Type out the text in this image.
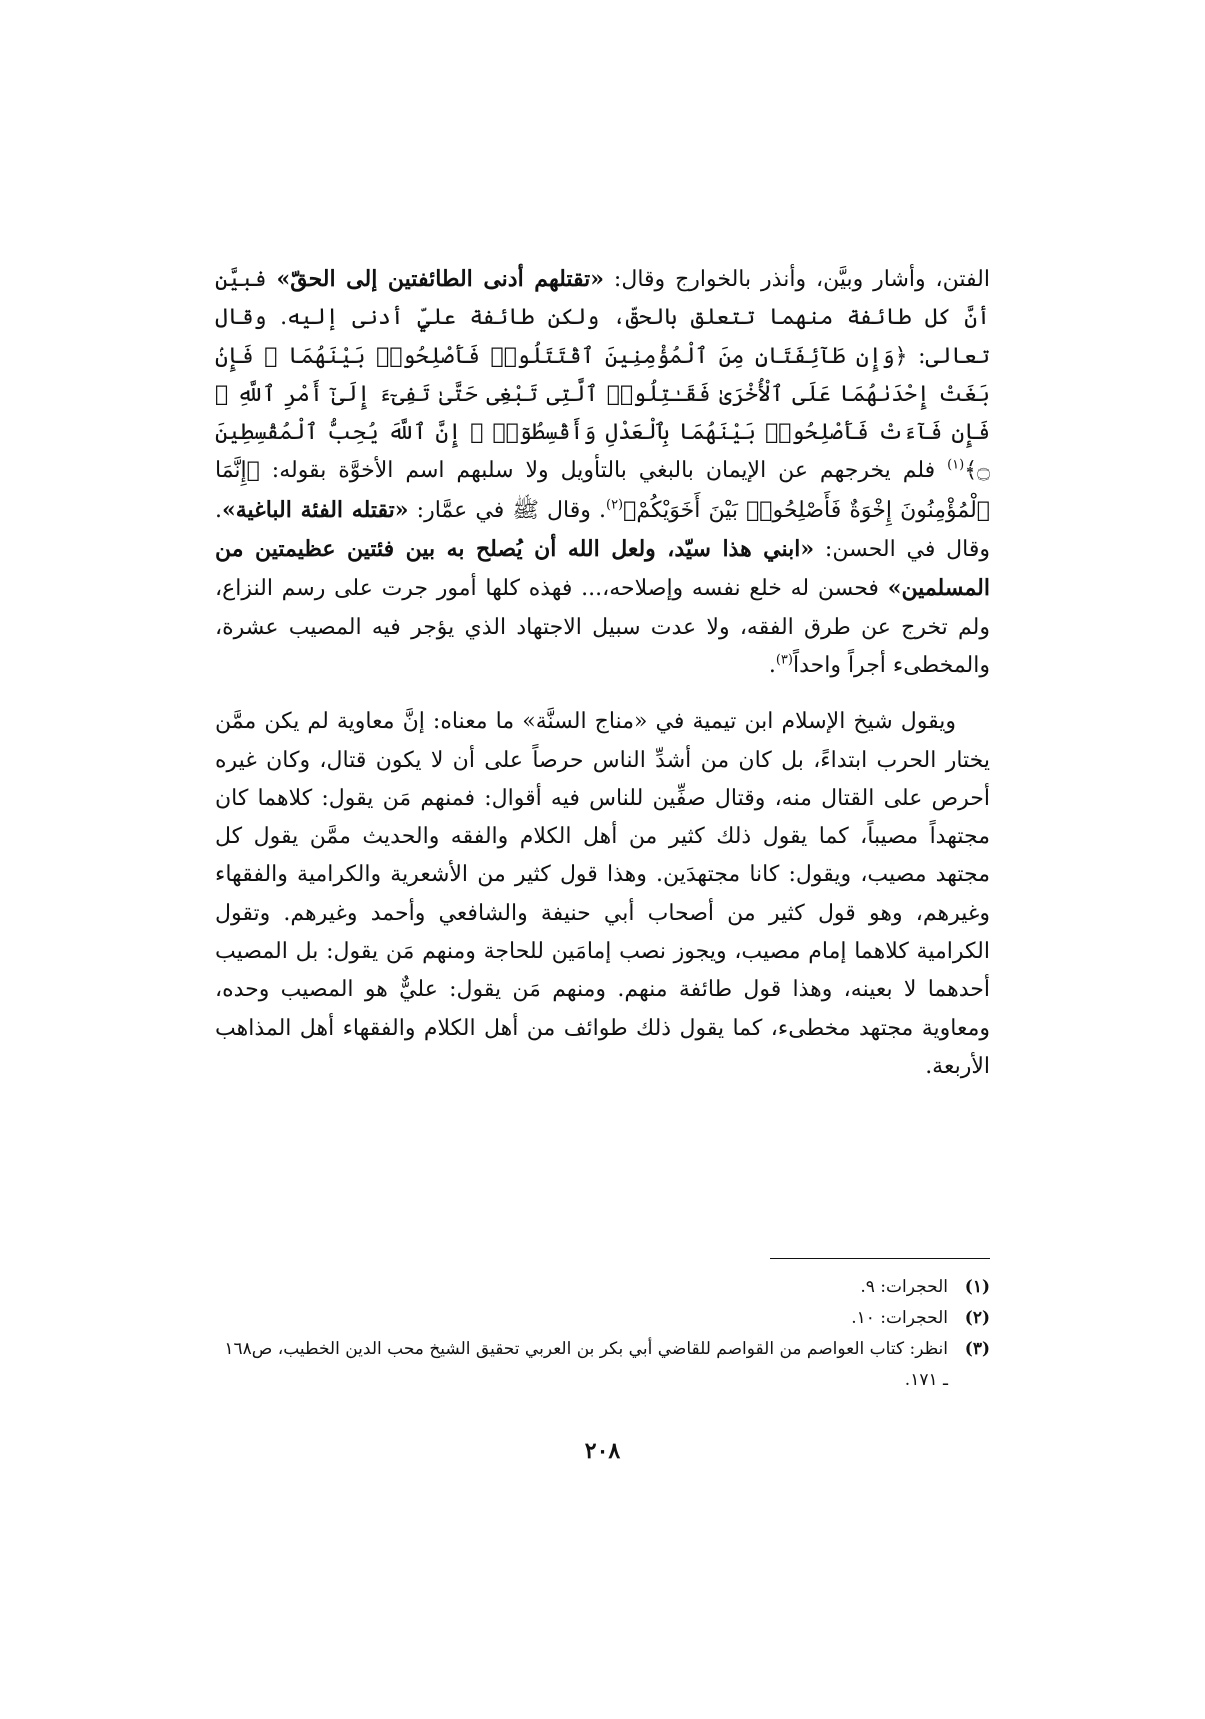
الفتن، وأشار وبيَّن، وأنذر بالخوارج وقال: «تقتلهم أدنى الطائفتين إلى الحقّ» فبيَّن أنَّ كل طائفة منهما تتعلق بالحقّ، ولكن طائفة عليٍّ أدنى إليه. وقال تعالى: ﴿وَإِن طَآئِفَتَانِ مِنَ ٱلْمُؤْمِنِينَ ٱقْتَتَلُوا۟ فَأَصْلِحُوا۟ بَيْنَهُمَا ۖ فَإِنۢ بَغَتْ إِحْدَىٰهُمَا عَلَى ٱلْأُخْرَىٰ فَقَـٰتِلُوا۟ ٱلَّتِى تَبْغِى حَتَّىٰ تَفِىٓءَ إِلَىٰٓ أَمْرِ ٱللَّهِ ۚ فَإِن فَآءَتْ فَأَصْلِحُوا۟ بَيْنَهُمَا بِٱلْعَدْلِ وَأَقْسِطُوٓا۟ ۖ إِنَّ ٱللَّهَ يُحِبُّ ٱلْمُقْسِطِينَ ۝﴾$^{(١)}$ فلم يخرجهم عن الإيمان بالبغي بالتأويل ولا سلبهم اسم الأخوَّة بقوله: ﴿إِنَّمَا ٱلْمُؤْمِنُونَ إِخْوَةٌ فَأَصْلِحُوا۟ بَيْنَ أَخَوَيْكُمْ﴾$^{(٢)}$. وقال ﷺ في عمَّار: «تقتله الفئة الباغية». وقال في الحسن: «ابني هذا سيّد، ولعل الله أن يُصلح به بين فئتين عظيمتين من المسلمين» فحسن له خلع نفسه وإصلاحه،... فهذه كلها أمور جرت على رسم النزاع، ولم تخرج عن طرق الفقه، ولا عدت سبيل الاجتهاد الذي يؤجر فيه المصيب عشرة، والمخطىء أجراً واحداً$^{(٣)}$.

ويقول شيخ الإسلام ابن تيمية في «مناج السنَّة» ما معناه: إنَّ معاوية لم يكن ممَّن يختار الحرب ابتداءً، بل كان من أشدِّ الناس حرصاً على أن لا يكون قتال، وكان غيره أحرص على القتال منه، وقتال صفِّين للناس فيه أقوال: فمنهم مَن يقول: كلاهما كان مجتهداً مصيباً، كما يقول ذلك كثير من أهل الكلام والفقه والحديث ممَّن يقول كل مجتهد مصيب، ويقول: كانا مجتهدَين. وهذا قول كثير من الأشعرية والكرامية والفقهاء وغيرهم، وهو قول كثير من أصحاب أبي حنيفة والشافعي وأحمد وغيرهم. وتقول الكرامية كلاهما إمام مصيب، ويجوز نصب إمامَين للحاجة ومنهم مَن يقول: بل المصيب أحدهما لا بعينه، وهذا قول طائفة منهم. ومنهم مَن يقول: عليٌّ هو المصيب وحده، ومعاوية مجتهد مخطىء، كما يقول ذلك طوائف من أهل الكلام والفقهاء أهل المذاهب الأربعة.

(١)
الحجرات: ٩.
(٢)
الحجرات: ١٠.
(٣)
انظر: كتاب العواصم من القواصم للقاضي أبي بكر بن العربي تحقيق الشيخ محب الدين الخطيب، ص١٦٨ ـ ١٧١.
٢٠٨
